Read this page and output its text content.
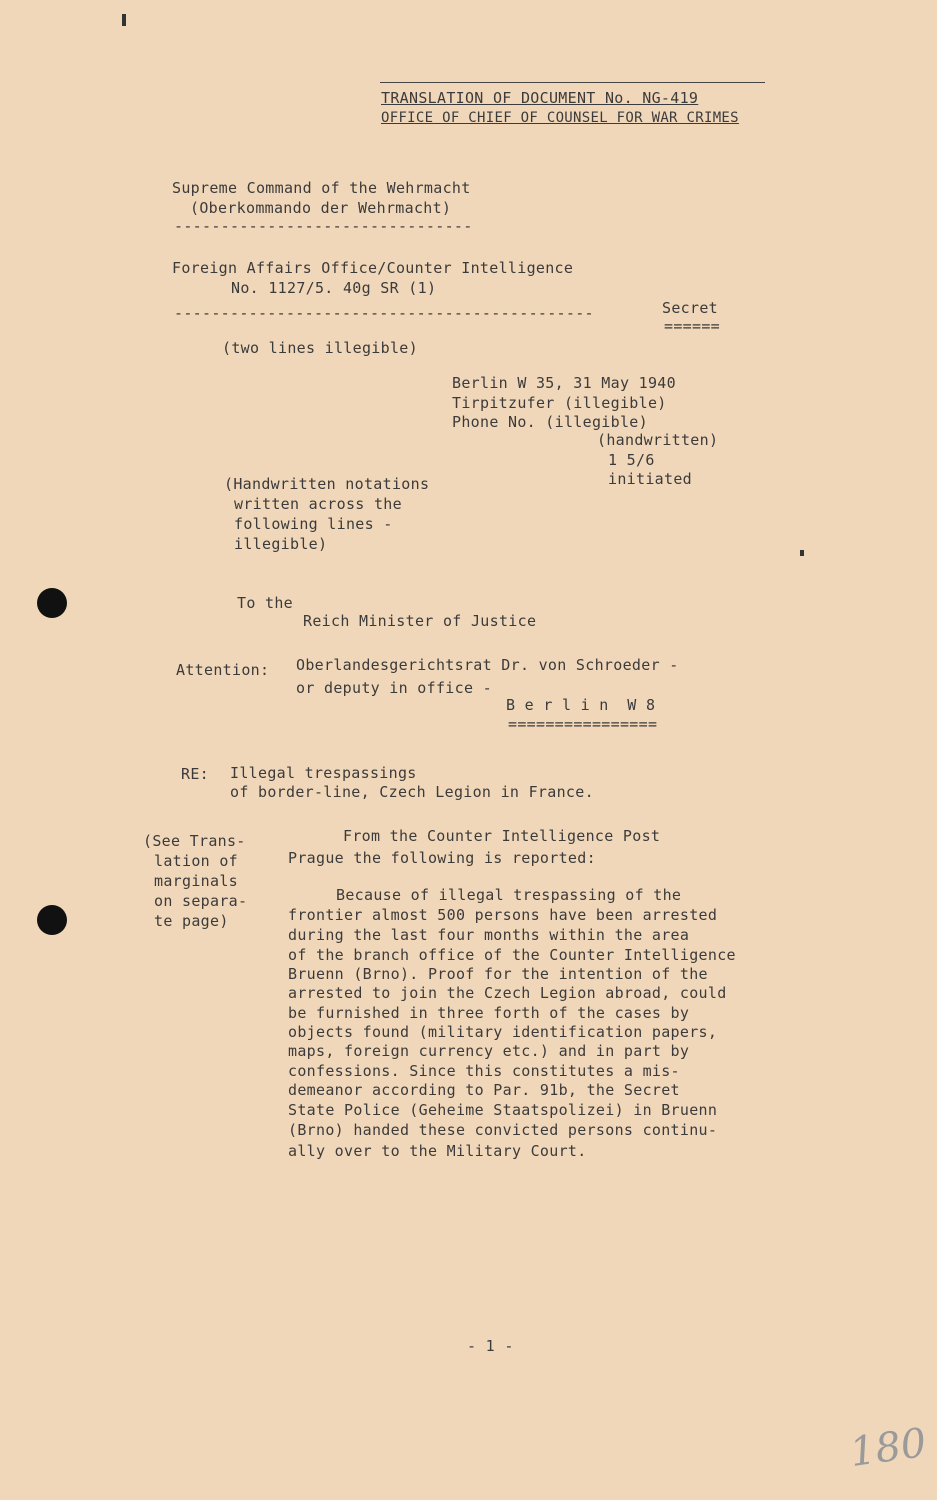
TRANSLATION OF DOCUMENT No. NG-419
OFFICE OF CHIEF OF COUNSEL FOR WAR CRIMES
Supreme Command of the Wehrmacht
(Oberkommando der Wehrmacht)
--------------------------------
Foreign Affairs Office/Counter Intelligence
No. 1127/5. 40g SR (1)
---------------------------------------------	Secret
======
(two lines illegible)
Berlin W 35, 31 May 1940
Tirpitzufer (illegible)
Phone No. (illegible)
(handwritten)
1 5/6
initiated
(Handwritten notations
written across the
following lines -
illegible)
To the
Reich Minister of Justice
Attention: Oberlandesgerichtsrat Dr. von Schroeder -
or deputy in office -
B e r l i n  W 8
================
RE: Illegal trespassings
of border-line, Czech Legion in France.
(See Trans-
lation of
marginals
on separa-
te page)
From the Counter Intelligence Post
Prague the following is reported:
Because of illegal trespassing of the
frontier almost 500 persons have been arrested
during the last four months within the area
of the branch office of the Counter Intelligence
Bruenn (Brno). Proof for the intention of the
arrested to join the Czech Legion abroad, could
be furnished in three forth of the cases by
objects found (military identification papers,
maps, foreign currency etc.) and in part by
confessions. Since this constitutes a mis-
demeanor according to Par. 91b, the Secret
State Police (Geheime Staatspolizei) in Bruenn
(Brno) handed these convicted persons continu-
ally over to the Military Court.
- 1 -
180
